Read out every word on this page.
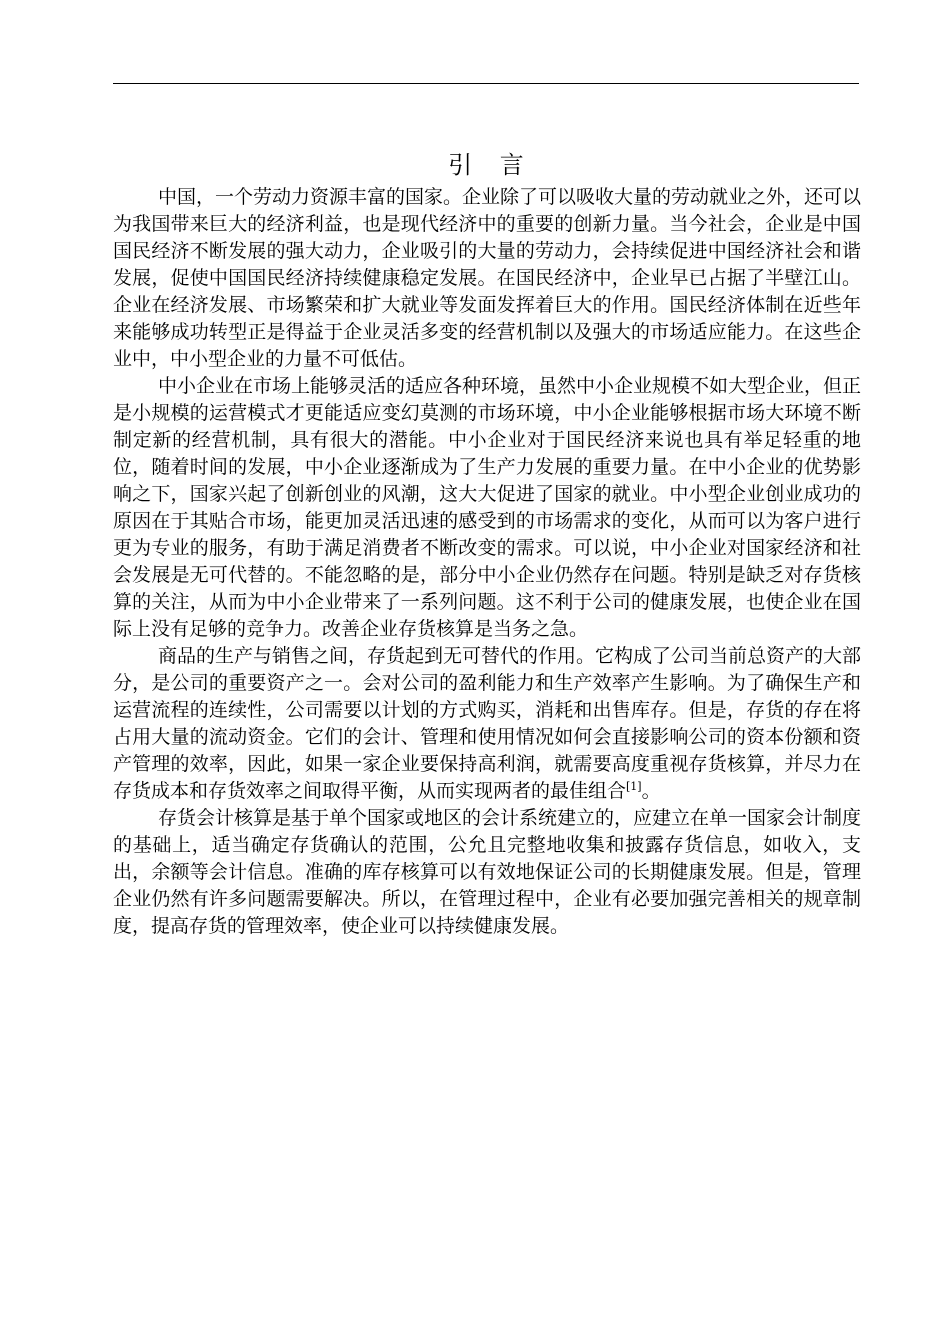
引 言

中国，一个劳动力资源丰富的国家。企业除了可以吸收大量的劳动就业之外，还可以为我国带来巨大的经济利益，也是现代经济中的重要的创新力量。当今社会，企业是中国国民经济不断发展的强大动力，企业吸引的大量的劳动力，会持续促进中国经济社会和谐发展，促使中国国民经济持续健康稳定发展。在国民经济中，企业早已占据了半壁江山。企业在经济发展、市场繁荣和扩大就业等发面发挥着巨大的作用。国民经济体制在近些年来能够成功转型正是得益于企业灵活多变的经营机制以及强大的市场适应能力。在这些企业中，中小型企业的力量不可低估。

中小企业在市场上能够灵活的适应各种环境，虽然中小企业规模不如大型企业，但正是小规模的运营模式才更能适应变幻莫测的市场环境，中小企业能够根据市场大环境不断制定新的经营机制，具有很大的潜能。中小企业对于国民经济来说也具有举足轻重的地位，随着时间的发展，中小企业逐渐成为了生产力发展的重要力量。在中小企业的优势影响之下，国家兴起了创新创业的风潮，这大大促进了国家的就业。中小型企业创业成功的原因在于其贴合市场，能更加灵活迅速的感受到的市场需求的变化，从而可以为客户进行更为专业的服务，有助于满足消费者不断改变的需求。可以说，中小企业对国家经济和社会发展是无可代替的。不能忽略的是，部分中小企业仍然存在问题。特别是缺乏对存货核算的关注，从而为中小企业带来了一系列问题。这不利于公司的健康发展，也使企业在国际上没有足够的竞争力。改善企业存货核算是当务之急。

商品的生产与销售之间，存货起到无可替代的作用。它构成了公司当前总资产的大部分，是公司的重要资产之一。会对公司的盈利能力和生产效率产生影响。为了确保生产和运营流程的连续性，公司需要以计划的方式购买，消耗和出售库存。但是，存货的存在将占用大量的流动资金。它们的会计、管理和使用情况如何会直接影响公司的资本份额和资产管理的效率，因此，如果一家企业要保持高利润，就需要高度重视存货核算，并尽力在存货成本和存货效率之间取得平衡，从而实现两者的最佳组合[1]。

存货会计核算是基于单个国家或地区的会计系统建立的，应建立在单一国家会计制度的基础上，适当确定存货确认的范围，公允且完整地收集和披露存货信息，如收入，支出，余额等会计信息。准确的库存核算可以有效地保证公司的长期健康发展。但是，管理企业仍然有许多问题需要解决。所以，在管理过程中，企业有必要加强完善相关的规章制度，提高存货的管理效率，使企业可以持续健康发展。
